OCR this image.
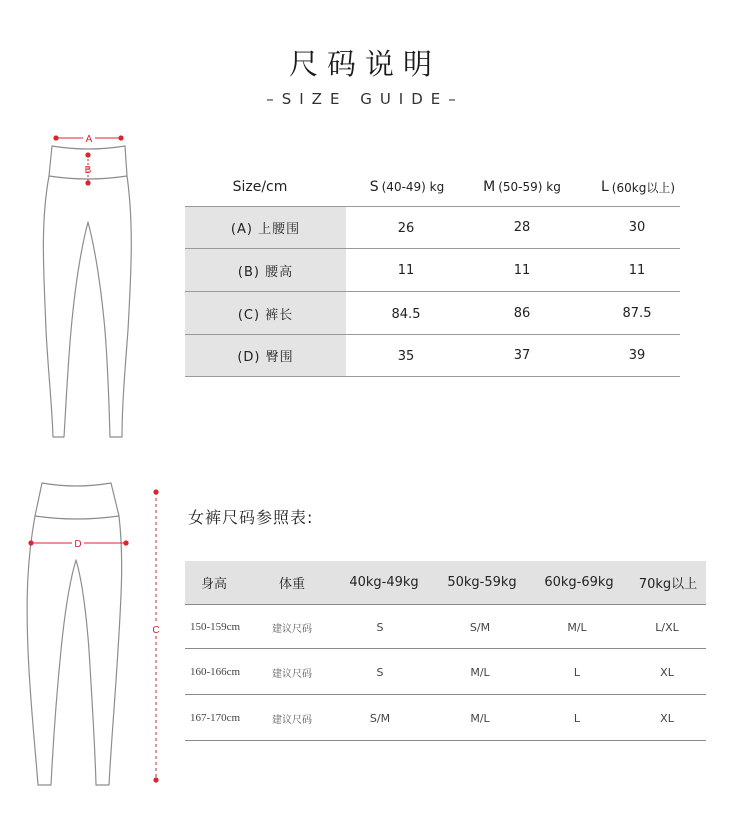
尺码说明
–SIZE GUIDE–
A
B
D
C
Size/cm	S (40-49) kg	M (50-59) kg	L (60kg以上)
(A) 上腰围	26	28	30
(B) 腰高	11	11	11
(C) 裤长	84.5	86	87.5
(D) 臀围	35	37	39
女裤尺码参照表:
身高	体重	40kg-49kg	50kg-59kg	60kg-69kg	70kg以上
150-159cm	建议尺码	S	S/M	M/L	L/XL
160-166cm	建议尺码	S	M/L	L	XL
167-170cm	建议尺码	S/M	M/L	L	XL
